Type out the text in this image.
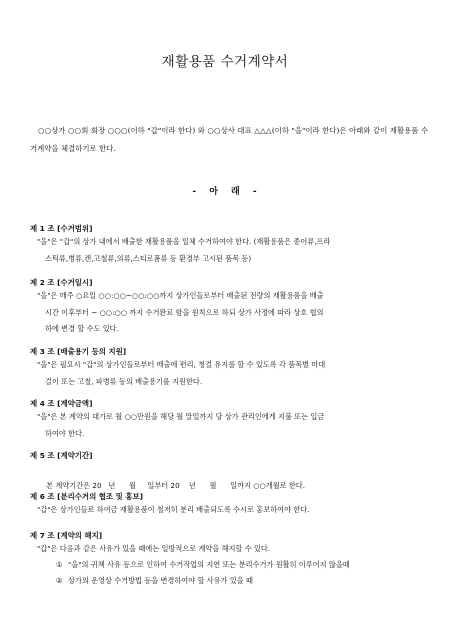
재활용품 수거계약서
○○상가 ○○회 회장 ○○○(이하 "갑"이라 한다) 와 ○○상사 대표 △△△(이하 "을"이라 한다)은 아래와 같이 재활용품 수거계약을 체결하기로 한다.
- 아 래 -
제 1 조 [수거범위]
"을"은 "갑"의 상가 내에서 배출한 재활용품을 일체 수거하여야 한다. (재활용품은 종이류,프라
스틱류,병류,캔,고철류,의류,스티로폼류 등 환경부 고시된 품목 등)
제 2 조 [수거일시]
"을"은 매주 ○요일 ○○:○○~○○:○○까지 상가인들로부터 배출된 전량의 재활용품을 배출
시간 이후부터 ~ ○○:○○ 까지 수거완료 함을 원칙으로 하되 상가 사정에 따라 상호 협의
하에 변경 할 수도 있다.
제 3 조 [배출용기 등의 지원]
"을"은 필요시 "갑"의 상가인들로부터 배출에 편리, 청결 유지를 할 수 있도록 각 품목별 마대
걸이 또는 고철, 파병류 등의 배출용기를 지원한다.
제 4 조 [계약금액]
"을"은 본 계약의 대가로 월 ○○만원을 해당 월 말일까지 당 상가 관리인에게 지불 또는 입금
하여야 한다.
제 5 조 [계약기간]

본 계약기간은 20   년      월     일부터 20    년      월      일까지 ○○개월로 한다.

제 6 조 [분리수거의 협조 및 홍보]
"갑"은 상가인들로 하여금 재활용품이 철저히 분리 배출되도록 수시로 홍보하여야 한다.
제 7 조 [계약의 해지]
"갑"은 다음과 같은 사유가 있을 때에는 일방적으로 계약을 해지할 수 있다.
① "을"의 귀책 사유 등으로 인하여 수거작업의 지연 또는 분리수거가 원활히 이루어지 않을때
② 상가의 운영상 수거방법 등을 변경하여야 할 사유가 있을 때
